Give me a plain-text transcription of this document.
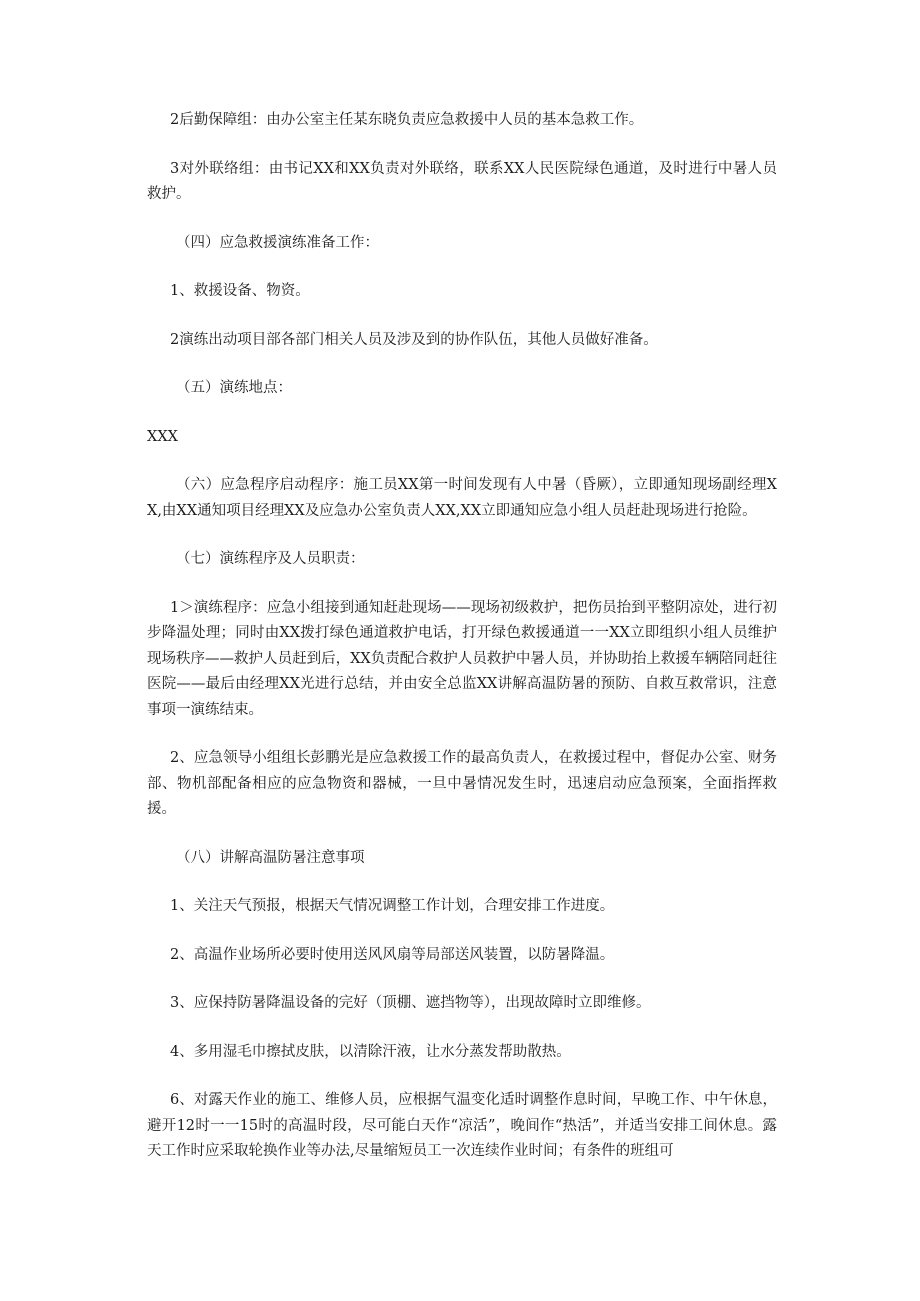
2后勤保障组：由办公室主任某东晓负责应急救援中人员的基本急救工作。

3对外联络组：由书记XX和XX负责对外联络，联系XX人民医院绿色通道，及时进行中暑人员救护。

（四）应急救援演练准备工作：

1、救援设备、物资。

2演练出动项目部各部门相关人员及涉及到的协作队伍，其他人员做好准备。

（五）演练地点：

XXX

（六）应急程序启动程序：施工员XX第一时间发现有人中暑（昏厥），立即通知现场副经理XX,由XX通知项目经理XX及应急办公室负责人XX,XX立即通知应急小组人员赶赴现场进行抢险。

（七）演练程序及人员职责：

1＞演练程序：应急小组接到通知赶赴现场——现场初级救护，把伤员抬到平整阴凉处，进行初步降温处理；同时由XX拨打绿色通道救护电话，打开绿色救援通道一一XX立即组织小组人员维护现场秩序——救护人员赶到后，XX负责配合救护人员救护中暑人员，并协助抬上救援车辆陪同赶往医院——最后由经理XX光进行总结，并由安全总监XX讲解高温防暑的预防、自救互救常识，注意事项一演练结束。

2、应急领导小组组长彭鹏光是应急救援工作的最高负责人，在救援过程中，督促办公室、财务部、物机部配备相应的应急物资和器械，一旦中暑情况发生时，迅速启动应急预案，全面指挥救援。

（八）讲解高温防暑注意事项

1、关注天气预报，根据天气情况调整工作计划，合理安排工作进度。

2、高温作业场所必要时使用送风风扇等局部送风装置，以防暑降温。

3、应保持防暑降温设备的完好（顶棚、遮挡物等），出现故障时立即维修。

4、多用湿毛巾擦拭皮肤，以清除汗液，让水分蒸发帮助散热。

6、对露天作业的施工、维修人员，应根据气温变化适时调整作息时间，早晚工作、中午休息，避开12时一一15时的高温时段，尽可能白天作“凉活”，晚间作“热活”，并适当安排工间休息。露天工作时应采取轮换作业等办法,尽量缩短员工一次连续作业时间；有条件的班组可
